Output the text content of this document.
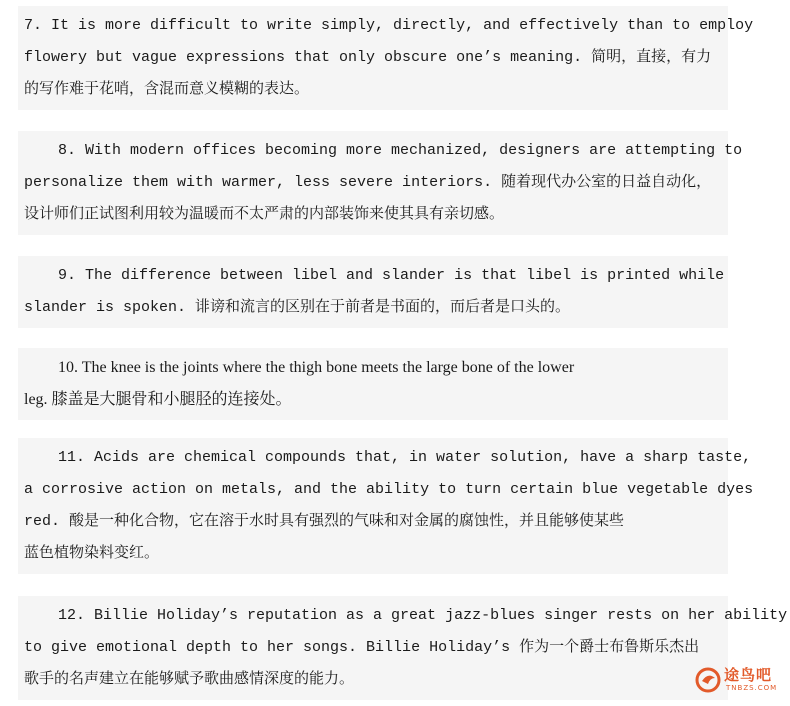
7. It is more difficult to write simply, directly, and effectively than to employ
flowery but vague expressions that only obscure one’s meaning. 简明，直接，有力
的写作难于花哨，含混而意义模糊的表达。
8. With modern offices becoming more mechanized, designers are attempting to
personalize them with warmer, less severe interiors. 随着现代办公室的日益自动化，
设计师们正试图利用较为温暖而不太严肃的内部装饰来使其具有亲切感。
9. The difference between libel and slander is that libel is printed while
slander is spoken. 诽谤和流言的区别在于前者是书面的，而后者是口头的。
10. The knee is the joints where the thigh bone meets the large bone of the lower
leg. 膝盖是大腿骨和小腿胫的连接处。
11. Acids are chemical compounds that, in water solution, have a sharp taste,
a corrosive action on metals, and the ability to turn certain blue vegetable dyes
red. 酸是一种化合物，它在溶于水时具有强烈的气味和对金属的腐蚀性，并且能够使某些
蓝色植物染料变红。
12. Billie Holiday’s reputation as a great jazz-blues singer rests on her ability
to give emotional depth to her songs. Billie Holiday’s 作为一个爵士布鲁斯乐杰出
歌手的名声建立在能够赋予歌曲感情深度的能力。	途鸟吧
TNBZS.COM
